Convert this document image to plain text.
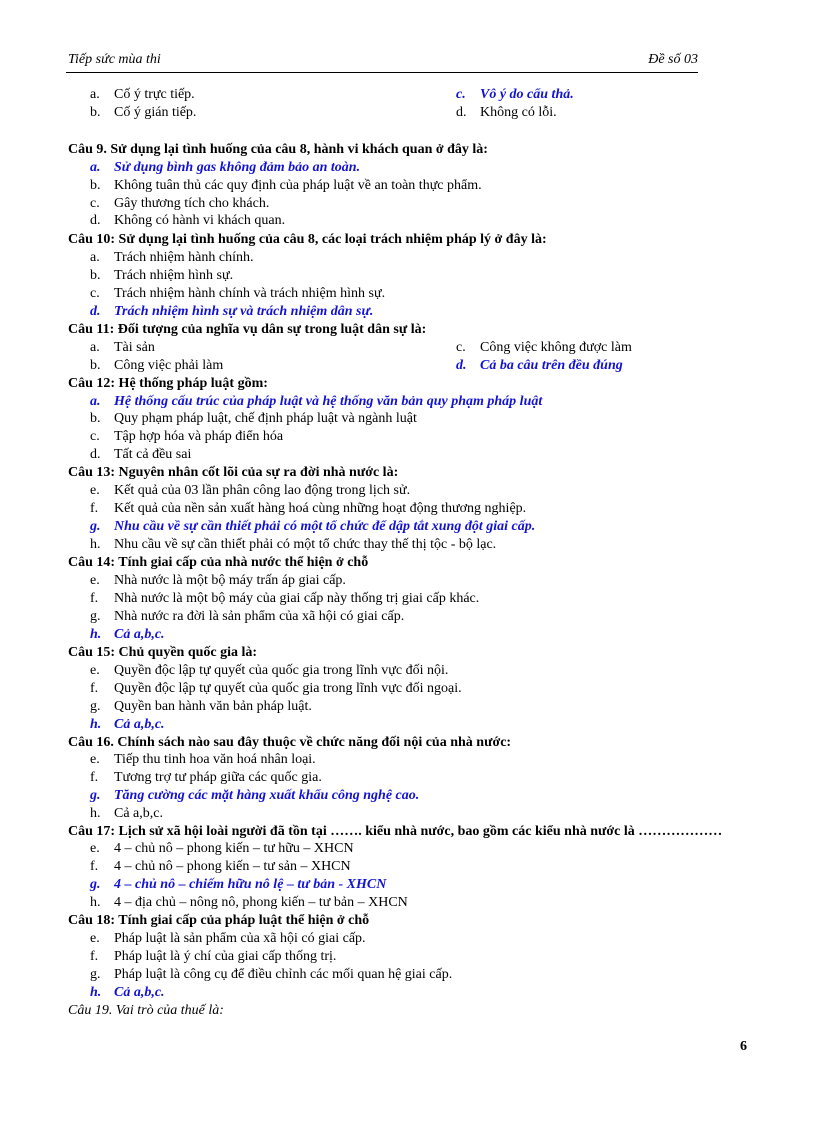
Tiếp sức mùa thi	Đề số 03
a. Cố ý trực tiếp.	c. Vô ý do cẩu thả.
b. Cố ý gián tiếp.	d. Không có lỗi.
Câu 9. Sử dụng lại tình huống của câu 8, hành vi khách quan ở đây là:
a. Sử dụng bình gas không đảm bảo an toàn.
b. Không tuân thủ các quy định của pháp luật về an toàn thực phẩm.
c. Gây thương tích cho khách.
d. Không có hành vi khách quan.
Câu 10: Sử dụng lại tình huống của câu 8, các loại trách nhiệm pháp lý ở đây là:
a. Trách nhiệm hành chính.
b. Trách nhiệm hình sự.
c. Trách nhiệm hành chính và trách nhiệm hình sự.
d. Trách nhiệm hình sự và trách nhiệm dân sự.
Câu 11: Đối tượng của nghĩa vụ dân sự trong luật dân sự là:
a. Tài sản	c. Công việc không được làm
b. Công việc phải làm	d. Cả ba câu trên đều đúng
Câu 12: Hệ thống pháp luật gồm:
a. Hệ thống cấu trúc của pháp luật và hệ thống văn bản quy phạm pháp luật
b. Quy phạm pháp luật, chế định pháp luật và ngành luật
c. Tập hợp hóa và pháp điển hóa
d. Tất cả đều sai
Câu 13: Nguyên nhân cốt lõi của sự ra đời nhà nước là:
e. Kết quả của 03 lần phân công lao động trong lịch sử.
f. Kết quả của nền sản xuất hàng hoá cùng những hoạt động thương nghiệp.
g. Nhu cầu về sự cần thiết phải có một tổ chức để dập tắt xung đột giai cấp.
h. Nhu cầu về sự cần thiết phải có một tổ chức thay thế thị tộc - bộ lạc.
Câu 14: Tính giai cấp của nhà nước thể hiện ở chỗ
e. Nhà nước là một bộ máy trấn áp giai cấp.
f. Nhà nước là một bộ máy của giai cấp này thống trị giai cấp khác.
g. Nhà nước ra đời là sản phẩm của xã hội có giai cấp.
h. Cả a,b,c.
Câu 15: Chủ quyền quốc gia là:
e. Quyền độc lập tự quyết của quốc gia trong lĩnh vực đối nội.
f. Quyền độc lập tự quyết của quốc gia trong lĩnh vực đối ngoại.
g. Quyền ban hành văn bản pháp luật.
h. Cả a,b,c.
Câu 16. Chính sách nào sau đây thuộc về chức năng đối nội của nhà nước:
e. Tiếp thu tinh hoa văn hoá nhân loại.
f. Tương trợ tư pháp giữa các quốc gia.
g. Tăng cường các mặt hàng xuất khẩu công nghệ cao.
h. Cả a,b,c.
Câu 17: Lịch sử xã hội loài người đã tồn tại ……. kiểu nhà nước, bao gồm các kiểu nhà nước là ………………
e. 4 – chủ nô – phong kiến – tư hữu – XHCN
f. 4 – chủ nô – phong kiến – tư sản – XHCN
g. 4 – chủ nô – chiếm hữu nô lệ – tư bản - XHCN
h. 4 – địa chủ – nông nô, phong kiến – tư bản – XHCN
Câu 18: Tính giai cấp của pháp luật thể hiện ở chỗ
e. Pháp luật là sản phẩm của xã hội có giai cấp.
f. Pháp luật là ý chí của giai cấp thống trị.
g. Pháp luật là công cụ để điều chỉnh các mối quan hệ giai cấp.
h. Cả a,b,c.
Câu 19. Vai trò của thuế là:
6
